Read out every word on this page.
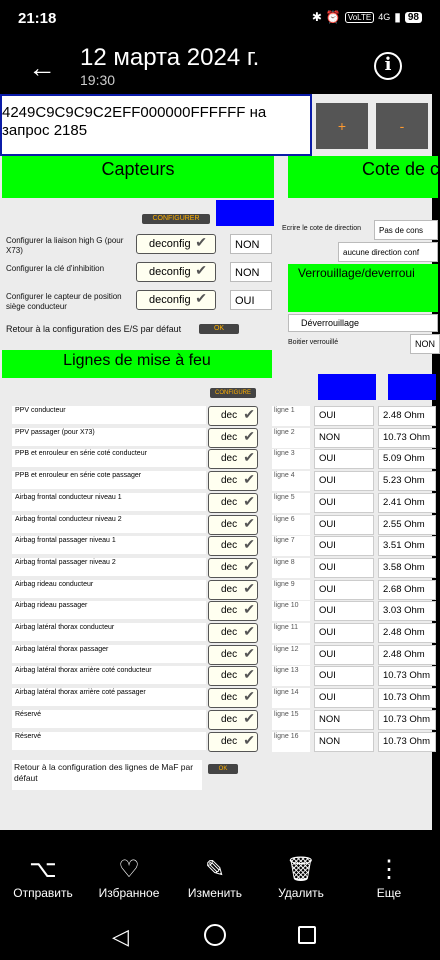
21:18	✱ ⏰ VoLTE 4G ▮ 98
← 12 марта 2024 г.
19:30
i
4249C9C9C9C2EFF000000FFFFFF на запрос 2185	+	-
Capteurs	Cote de c
CONFIGURER
Configurer la liaison high G (pour X73)
deconfig ✔	NON
Configurer la clé d'inhibition	deconfig ✔	NON
Configurer le capteur de position siège conducteur
deconfig ✔	OUI
Retour à la configuration des E/S par défaut	OK
Ecrire le cote de direction	Pas de cons
aucune direction conf
Verrouillage/deverroui
Déverrouillage
Boitier verrouillé	NON
Lignes de mise à feu
CONFIGURE
PPV conducteur	dec ✔	ligne 1	OUI	2.48 Ohm
PPV passager (pour X73)	dec ✔	ligne 2	NON	10.73 Ohm
PPB et enrouleur en série coté conducteur	dec ✔	ligne 3	OUI	5.09 Ohm
PPB et enrouleur en série cote passager	dec ✔	ligne 4	OUI	5.23 Ohm
Airbag frontal conducteur niveau 1	dec ✔	ligne 5	OUI	2.41 Ohm
Airbag frontal conducteur niveau 2	dec ✔	ligne 6	OUI	2.55 Ohm
Airbag frontal passager niveau 1	dec ✔	ligne 7	OUI	3.51 Ohm
Airbag frontal passager niveau 2	dec ✔	ligne 8	OUI	3.58 Ohm
Airbag rideau conducteur	dec ✔	ligne 9	OUI	2.68 Ohm
Airbag rideau passager	dec ✔	ligne 10	OUI	3.03 Ohm
Airbag latéral thorax conducteur	dec ✔	ligne 11	OUI	2.48 Ohm
Airbag latéral thorax passager	dec ✔	ligne 12	OUI	2.48 Ohm
Airbag latéral thorax arrière coté conducteur	dec ✔	ligne 13	OUI	10.73 Ohm
Airbag latéral thorax arrière coté passager	dec ✔	ligne 14	OUI	10.73 Ohm
Réservé	dec ✔	ligne 15	NON	10.73 Ohm
Réservé	dec ✔	ligne 16	NON	10.73 Ohm
Retour à la configuration des lignes de MaF par défaut
OK
⌥
Отправить
♡
Избранное
✎
Изменить
🗑
Удалить
⋮
Еще
◁
